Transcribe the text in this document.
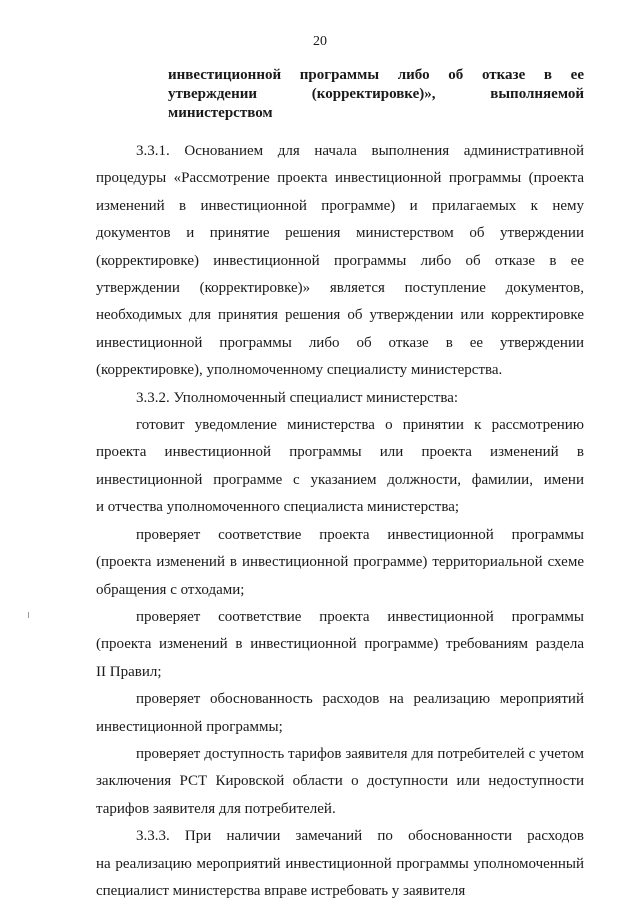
20
инвестиционной программы либо об отказе в ее
утверждении (корректировке)», выполняемой
министерством
3.3.1. Основанием для начала выполнения административной
процедуры «Рассмотрение проекта инвестиционной программы (проекта
изменений в инвестиционной программе) и прилагаемых к нему
документов и принятие решения министерством об утверждении
(корректировке) инвестиционной программы либо об отказе в ее
утверждении (корректировке)» является поступление документов,
необходимых для принятия решения об утверждении или корректировке
инвестиционной программы либо об отказе в ее утверждении
(корректировке), уполномоченному специалисту министерства.
3.3.2. Уполномоченный специалист министерства:
готовит уведомление министерства о принятии к рассмотрению
проекта инвестиционной программы или проекта изменений в
инвестиционной программе с указанием должности, фамилии, имени
и отчества уполномоченного специалиста министерства;
проверяет соответствие проекта инвестиционной программы
(проекта изменений в инвестиционной программе) территориальной схеме
обращения с отходами;
проверяет соответствие проекта инвестиционной программы
(проекта изменений в инвестиционной программе) требованиям раздела
II Правил;
проверяет обоснованность расходов на реализацию мероприятий
инвестиционной программы;
проверяет доступность тарифов заявителя для потребителей с учетом
заключения РСТ Кировской области о доступности или недоступности
тарифов заявителя для потребителей.
3.3.3. При наличии замечаний по обоснованности расходов
на реализацию мероприятий инвестиционной программы уполномоченный
специалист министерства вправе истребовать у заявителя
